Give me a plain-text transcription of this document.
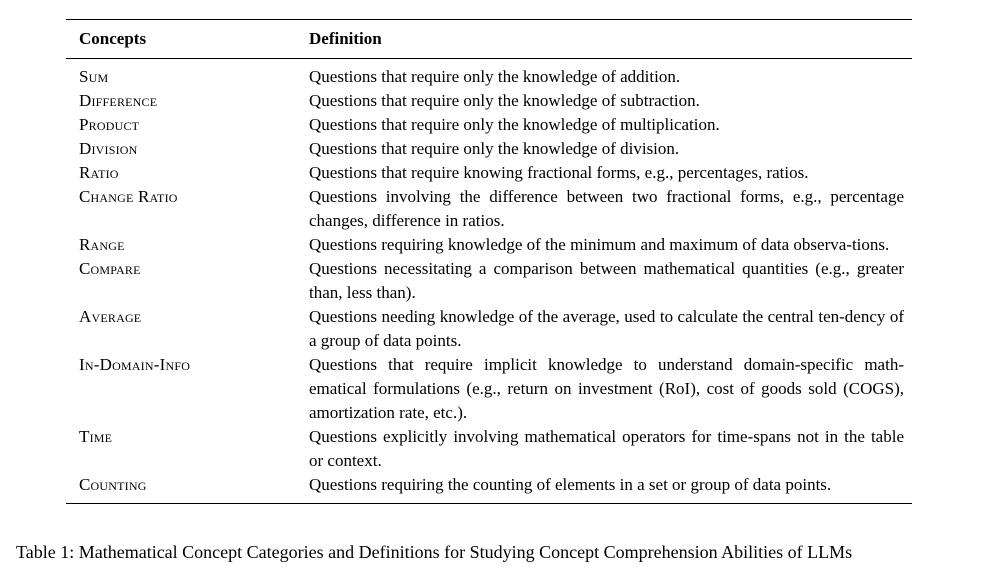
Concepts	Definition
Sum	Questions that require only the knowledge of addition.
Difference	Questions that require only the knowledge of subtraction.
Product	Questions that require only the knowledge of multiplication.
Division	Questions that require only the knowledge of division.
Ratio	Questions that require knowing fractional forms, e.g., percentages, ratios.
Change Ratio	Questions involving the difference between two fractional forms, e.g., percentage changes, difference in ratios.
Range	Questions requiring knowledge of the minimum and maximum of data observa-tions.
Compare	Questions necessitating a comparison between mathematical quantities (e.g., greater than, less than).
Average	Questions needing knowledge of the average, used to calculate the central ten-dency of a group of data points.
In-Domain-Info	Questions that require implicit knowledge to understand domain-specific math-ematical formulations (e.g., return on investment (RoI), cost of goods sold (COGS), amortization rate, etc.).
Time	Questions explicitly involving mathematical operators for time-spans not in the table or context.
Counting	Questions requiring the counting of elements in a set or group of data points.
Table 1: Mathematical Concept Categories and Definitions for Studying Concept Comprehension Abilities of LLMs
